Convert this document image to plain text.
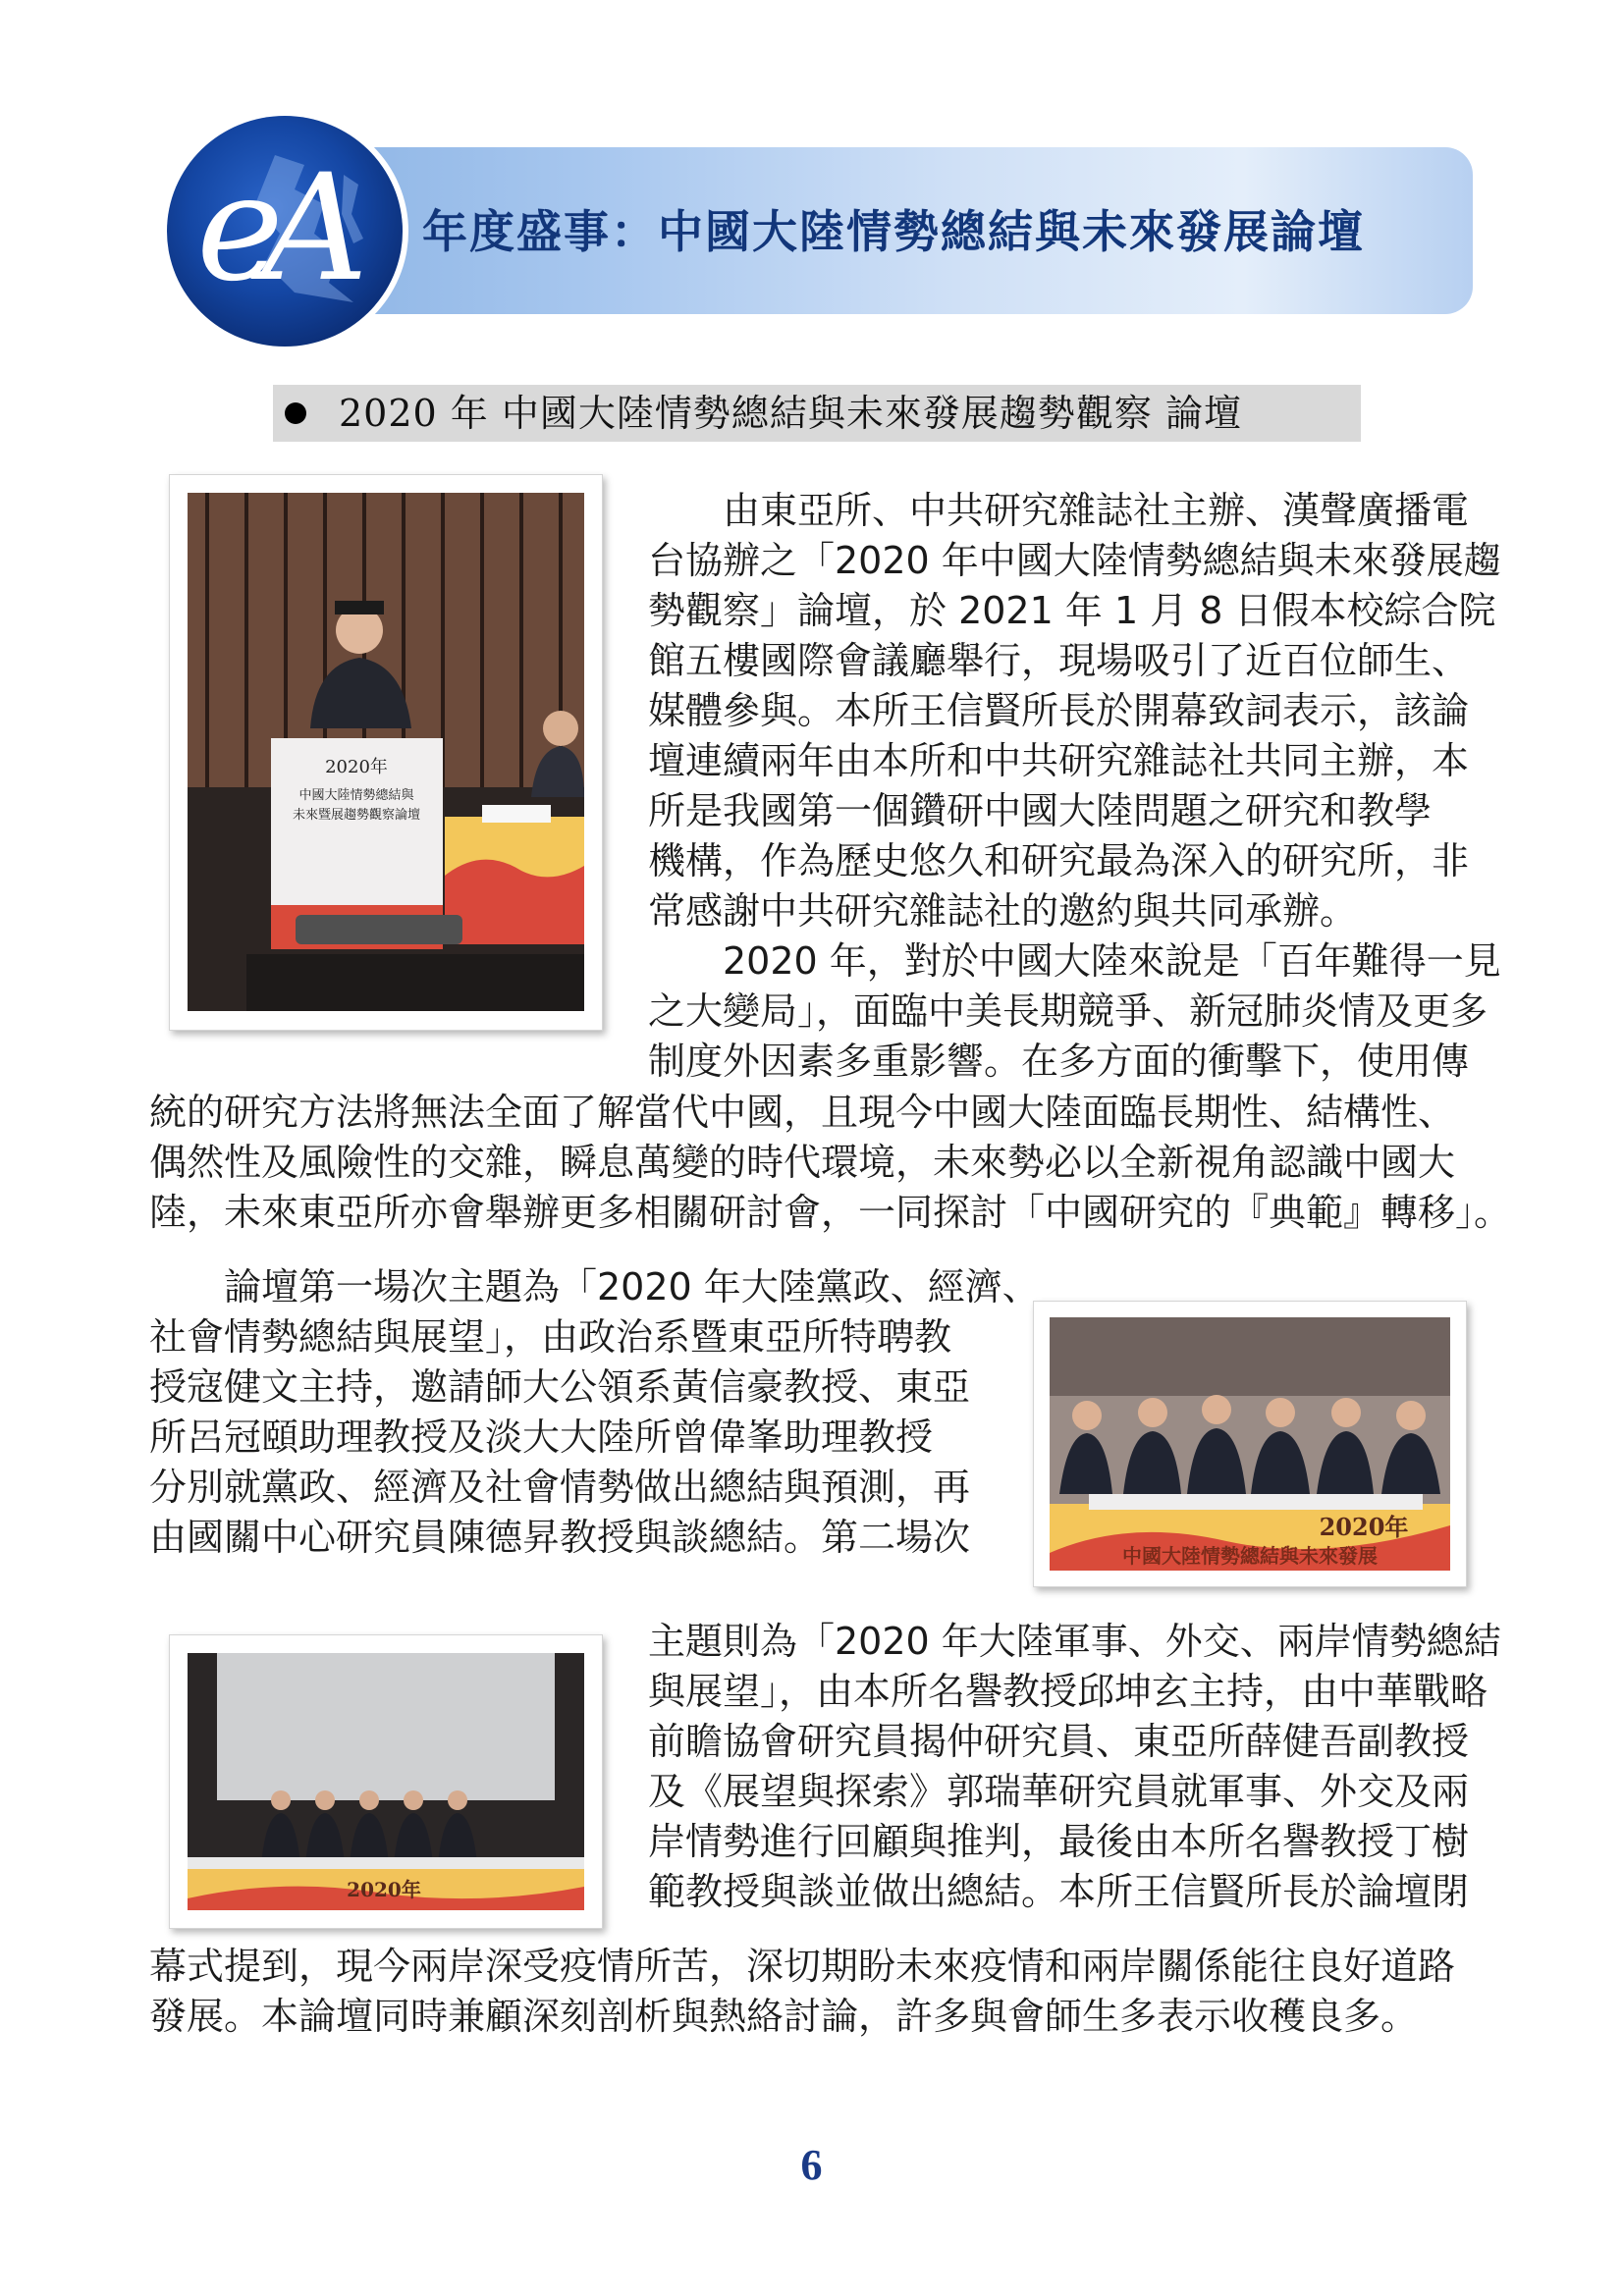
eA 年度盛事：中國大陸情勢總結與未來發展論壇
2020 年 中國大陸情勢總結與未來發展趨勢觀察 論壇
2020年
中國大陸情勢總結與
未來暨展趨勢觀察論壇
2020年
中國大陸情勢總結與未來發展
2020年
由東亞所、中共研究雜誌社主辦、漢聲廣播電
台協辦之「2020 年中國大陸情勢總結與未來發展趨
勢觀察」論壇，於 2021 年 1 月 8 日假本校綜合院
館五樓國際會議廳舉行，現場吸引了近百位師生、
媒體參與。本所王信賢所長於開幕致詞表示，該論
壇連續兩年由本所和中共研究雜誌社共同主辦，本
所是我國第一個鑽研中國大陸問題之研究和教學
機構，作為歷史悠久和研究最為深入的研究所，非
常感謝中共研究雜誌社的邀約與共同承辦。
2020 年，對於中國大陸來說是「百年難得一見
之大變局」，面臨中美長期競爭、新冠肺炎情及更多
制度外因素多重影響。在多方面的衝擊下，使用傳
統的研究方法將無法全面了解當代中國，且現今中國大陸面臨長期性、結構性、
偶然性及風險性的交雜，瞬息萬變的時代環境，未來勢必以全新視角認識中國大
陸，未來東亞所亦會舉辦更多相關研討會，一同探討「中國研究的『典範』轉移」。
論壇第一場次主題為「2020 年大陸黨政、經濟、
社會情勢總結與展望」，由政治系暨東亞所特聘教
授寇健文主持，邀請師大公領系黃信豪教授、東亞
所呂冠頤助理教授及淡大大陸所曾偉峯助理教授
分別就黨政、經濟及社會情勢做出總結與預測，再
由國關中心研究員陳德昇教授與談總結。第二場次
主題則為「2020 年大陸軍事、外交、兩岸情勢總結
與展望」，由本所名譽教授邱坤玄主持，由中華戰略
前瞻協會研究員揭仲研究員、東亞所薛健吾副教授
及《展望與探索》郭瑞華研究員就軍事、外交及兩
岸情勢進行回顧與推判，最後由本所名譽教授丁樹
範教授與談並做出總結。本所王信賢所長於論壇閉
幕式提到，現今兩岸深受疫情所苦，深切期盼未來疫情和兩岸關係能往良好道路
發展。本論壇同時兼顧深刻剖析與熱絡討論，許多與會師生多表示收穫良多。
6
